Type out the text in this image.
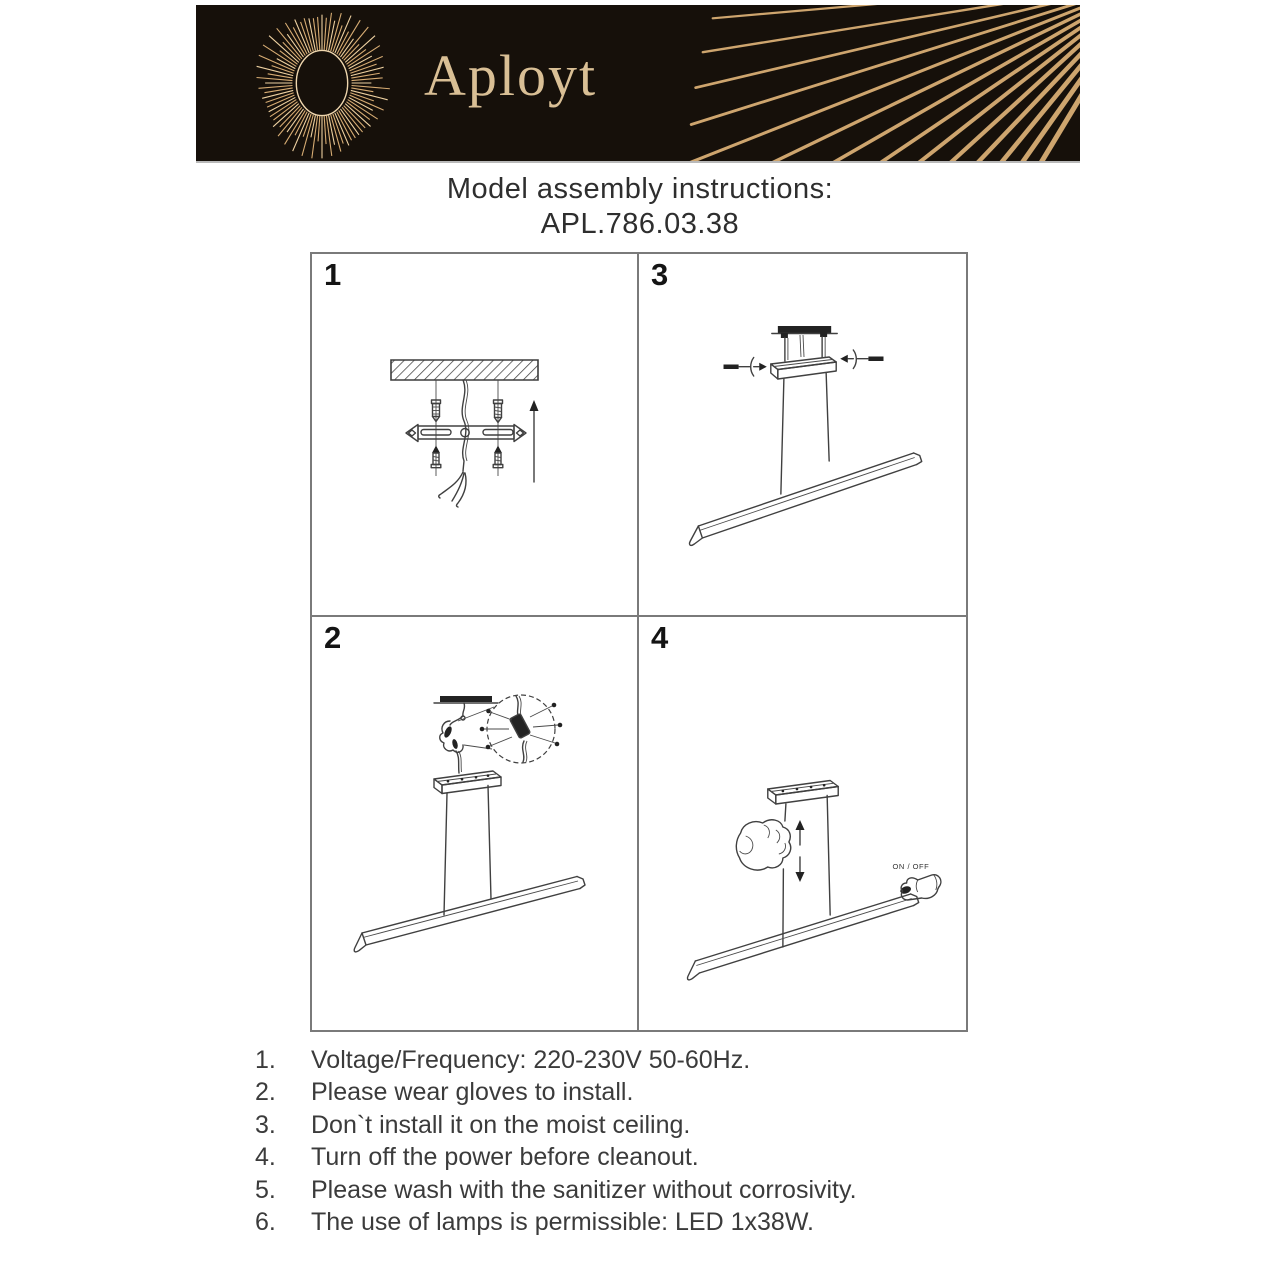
Aployt
Model assembly instructions:
APL.786.03.38
1	3
2	4
ON / OFF
1.	Voltage/Frequency: 220-230V 50-60Hz.
2.	Please wear gloves to install.
3.	Don`t install it on the moist ceiling.
4.	Turn off the power before cleanout.
5.	Please wash with the sanitizer without corrosivity.
6.	The use of lamps is permissible: LED 1x38W.
